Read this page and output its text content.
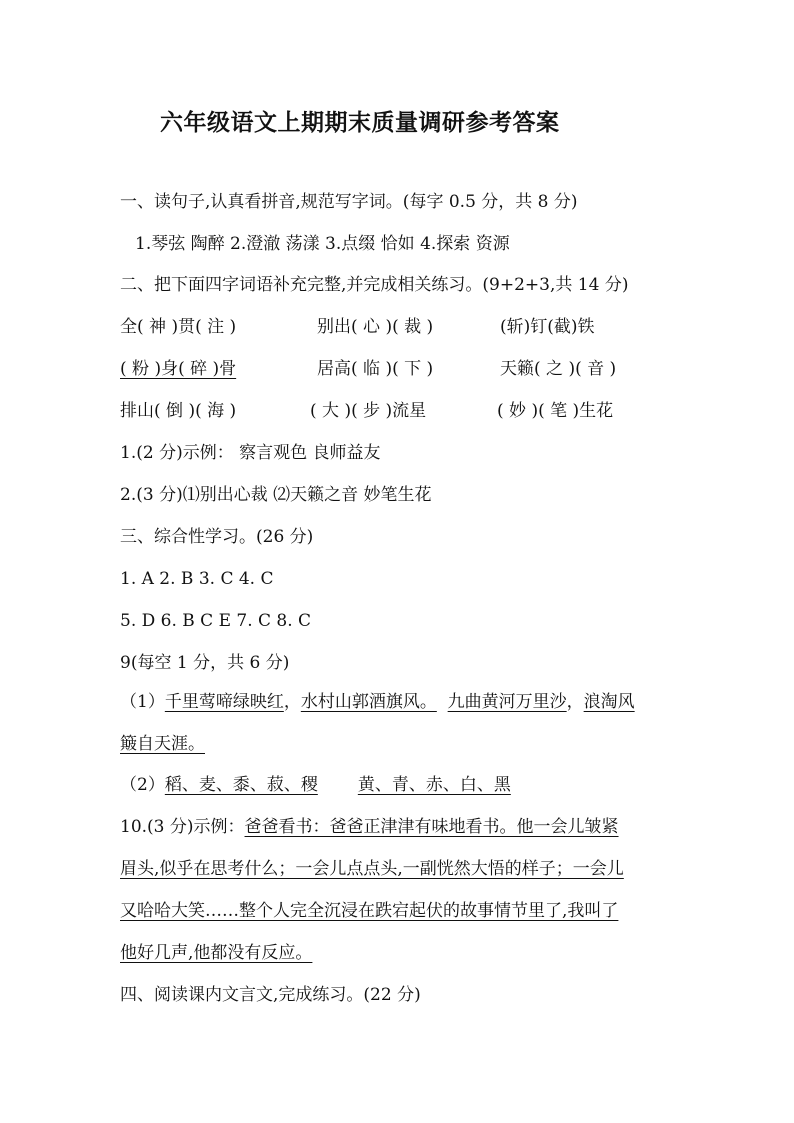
六年级语文上期期末质量调研参考答案
一、读句子,认真看拼音,规范写字词。(每字 0.5 分，共 8 分)
1.琴弦 陶醉 2.澄澈 荡漾 3.点缀 恰如 4.探索 资源
二、把下面四字词语补充完整,并完成相关练习。(9+2+3,共 14 分)
全( 神 )贯( 注 )	别出( 心 )( 裁 )	(斩)钉(截)铁
( 粉 )身( 碎 )骨	居高( 临 )( 下 )	天籁( 之 )( 音 )
排山( 倒 )( 海 )	( 大 )( 步 )流星	( 妙 )( 笔 )生花
1.(2 分)示例： 察言观色 良师益友
2.(3 分)⑴别出心裁 ⑵天籁之音 妙笔生花
三、综合性学习。(26 分)
1. A 2. B 3. C 4. C
5. D 6. B C E 7. C 8. C
9(每空 1 分，共 6 分)
（1）千里莺啼绿映红，水村山郭酒旗风。 九曲黄河万里沙，浪淘风
簸自天涯。
（2）稻、麦、黍、菽、稷 黄、青、赤、白、黑
10.(3 分)示例：爸爸看书：爸爸正津津有味地看书。他一会儿皱紧
眉头,似乎在思考什么；一会儿点点头,一副恍然大悟的样子；一会儿
又哈哈大笑……整个人完全沉浸在跌宕起伏的故事情节里了,我叫了
他好几声,他都没有反应。
四、阅读课内文言文,完成练习。(22 分)
